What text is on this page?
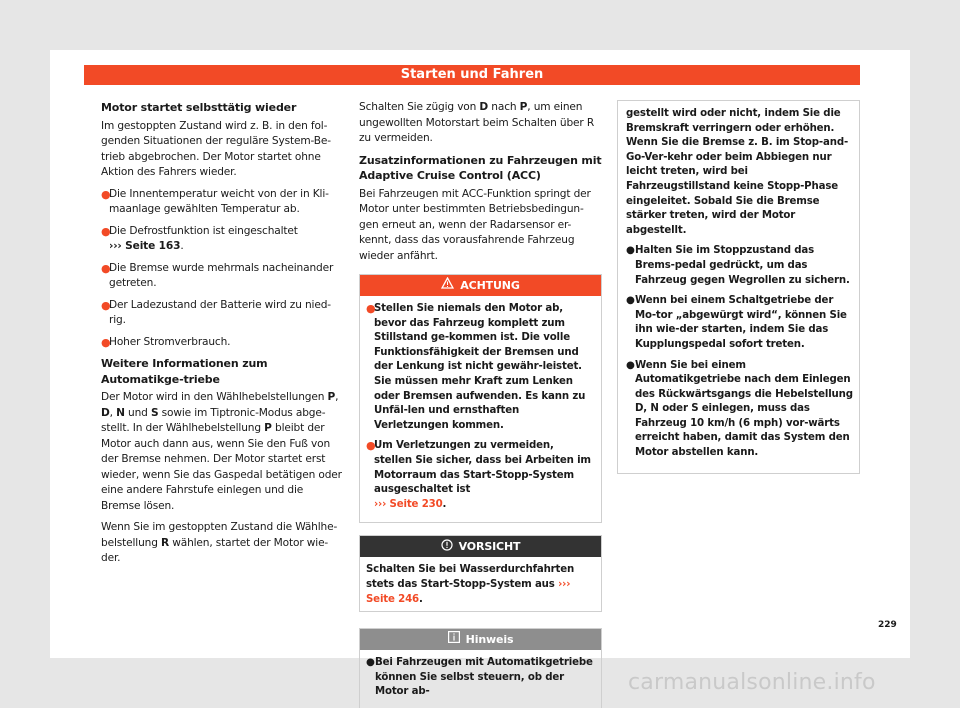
Starten und Fahren
Motor startet selbsttätig wieder

Im gestoppten Zustand wird z. B. in den fol-genden Situationen der reguläre System-Be-trieb abgebrochen. Der Motor startet ohne Aktion des Fahrers wieder.

●
Die Innentemperatur weicht von der in Kli-maanlage gewählten Temperatur ab.
●
Die Defrostfunktion ist eingeschaltet
››› Seite 163.
●
Die Bremse wurde mehrmals nacheinander getreten.
●
Der Ladezustand der Batterie wird zu nied-rig.
●
Hoher Stromverbrauch.
Weitere Informationen zum Automatikge-triebe

Der Motor wird in den Wählhebelstellungen P, D, N und S sowie im Tiptronic-Modus abge-stellt. In der Wählhebelstellung P bleibt der Motor auch dann aus, wenn Sie den Fuß von der Bremse nehmen. Der Motor startet erst wieder, wenn Sie das Gaspedal betätigen oder eine andere Fahrstufe einlegen und die Bremse lösen.

Wenn Sie im gestoppten Zustand die Wählhe-belstellung R wählen, startet der Motor wie-der.

Schalten Sie zügig von D nach P, um einen ungewollten Motorstart beim Schalten über R zu vermeiden.

Zusatzinformationen zu Fahrzeugen mit Adaptive Cruise Control (ACC)

Bei Fahrzeugen mit ACC-Funktion springt der Motor unter bestimmten Betriebsbedingun-gen erneut an, wenn der Radarsensor er-kennt, dass das vorausfahrende Fahrzeug wieder anfährt.

ACHTUNG
●
Stellen Sie niemals den Motor ab, bevor das Fahrzeug komplett zum Stillstand ge-kommen ist. Die volle Funktionsfähigkeit der Bremsen und der Lenkung ist nicht gewähr-leistet. Sie müssen mehr Kraft zum Lenken oder Bremsen aufwenden. Es kann zu Unfäl-len und ernsthaften Verletzungen kommen.
●
Um Verletzungen zu vermeiden, stellen Sie sicher, dass bei Arbeiten im Motorraum das Start-Stopp-System ausgeschaltet ist
››› Seite 230.
VORSICHT
Schalten Sie bei Wasserdurchfahrten stets das Start-Stopp-System aus ››› Seite 246.
Hinweis
● Bei Fahrzeugen mit Automatikgetriebe können Sie selbst steuern, ob der Motor ab-

gestellt wird oder nicht, indem Sie die Bremskraft verringern oder erhöhen. Wenn Sie die Bremse z. B. im Stop-and-Go-Ver-kehr oder beim Abbiegen nur leicht treten, wird bei Fahrzeugstillstand keine Stopp-Phase eingeleitet. Sobald Sie die Bremse stärker treten, wird der Motor abgestellt.

● Halten Sie im Stoppzustand das Brems-pedal gedrückt, um das Fahrzeug gegen Wegrollen zu sichern.
● Wenn bei einem Schaltgetriebe der Mo-tor „abgewürgt wird“, können Sie ihn wie-der starten, indem Sie das Kupplungspedal sofort treten.
● Wenn Sie bei einem Automatikgetriebe nach dem Einlegen des Rückwärtsgangs die Hebelstellung D, N oder S einlegen, muss das Fahrzeug 10 km/h (6 mph) vor-wärts erreicht haben, damit das System den Motor abstellen kann.
229
carmanualsonline.info
